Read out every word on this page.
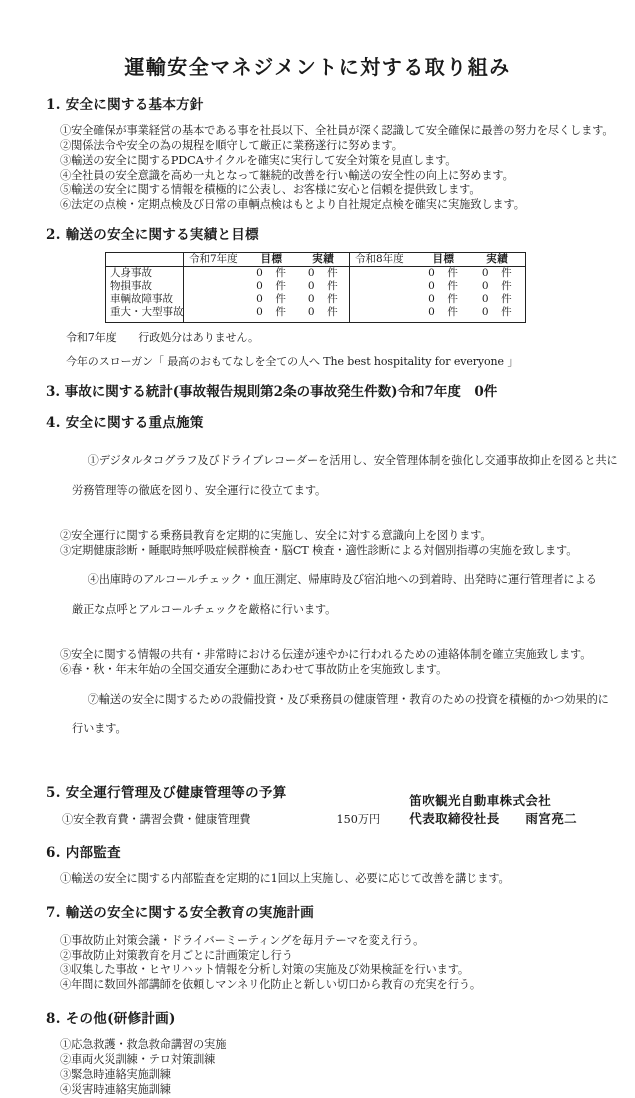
運輸安全マネジメントに対する取り組み
1. 安全に関する基本方針
①安全確保が事業経営の基本である事を社長以下、全社員が深く認識して安全確保に最善の努力を尽くします。
②関係法令や安全の為の規程を順守して厳正に業務遂行に努めます。
③輸送の安全に関するPDCAサイクルを確実に実行して安全対策を見直します。
④全社員の安全意識を高め一丸となって継続的改善を行い輸送の安全性の向上に努めます。
⑤輸送の安全に関する情報を積極的に公表し、お客様に安心と信頼を提供致します。
⑥法定の点検・定期点検及び日常の車輌点検はもとより自社規定点検を確実に実施致します。
2. 輸送の安全に関する実績と目標
	令和7年度	目標	実績	令和8年度	目標	実績
人身事故		0　件	0　件		0　件	0　件
物損事故		0　件	0　件		0　件	0　件
車輌故障事故		0　件	0　件		0　件	0　件
重大・大型事故		0　件	0　件		0　件	0　件

令和7年度　　行政処分はありません。

今年のスローガン「 最高のおもてなしを全ての人へ The best hospitality for everyone 」

3. 事故に関する統計(事故報告規則第2条の事故発生件数)令和7年度　0件
4. 安全に関する重点施策

①デジタルタコグラフ及びドライブレコーダーを活用し、安全管理体制を強化し交通事故抑止を図ると共に

労務管理等の徹底を図り、安全運行に役立てます。

②安全運行に関する乗務員教育を定期的に実施し、安全に対する意識向上を図ります。
③定期健康診断・睡眠時無呼吸症候群検査・脳CT 検査・適性診断による対個別指導の実施を致します。

④出庫時のアルコールチェック・血圧測定、帰庫時及び宿泊地への到着時、出発時に運行管理者による

厳正な点呼とアルコールチェックを厳格に行います。

⑤安全に関する情報の共有・非常時における伝達が速やかに行われるための連絡体制を確立実施致します。
⑥春・秋・年末年始の全国交通安全運動にあわせて事故防止を実施致します。

⑦輸送の安全に関するための設備投資・及び乗務員の健康管理・教育のための投資を積極的かつ効果的に

行います。

5. 安全運行管理及び健康管理等の予算
①安全教育費・講習会費・健康管理費	150万円
6. 内部監査
①輸送の安全に関する内部監査を定期的に1回以上実施し、必要に応じて改善を講じます。
7. 輸送の安全に関する安全教育の実施計画
①事故防止対策会議・ドライバーミーティングを毎月テーマを変え行う。
②事故防止対策教育を月ごとに計画策定し行う
③収集した事故・ヒヤリハット情報を分析し対策の実施及び効果検証を行います。
④年間に数回外部講師を依頼しマンネリ化防止と新しい切口から教育の充実を行う。
8. その他(研修計画)
①応急救護・救急救命講習の実施
②車両火災訓練・テロ対策訓練
③緊急時連絡実施訓練
④災害時連絡実施訓練
笛吹観光自動車株式会社
代表取締役社長　　雨宮亮二
